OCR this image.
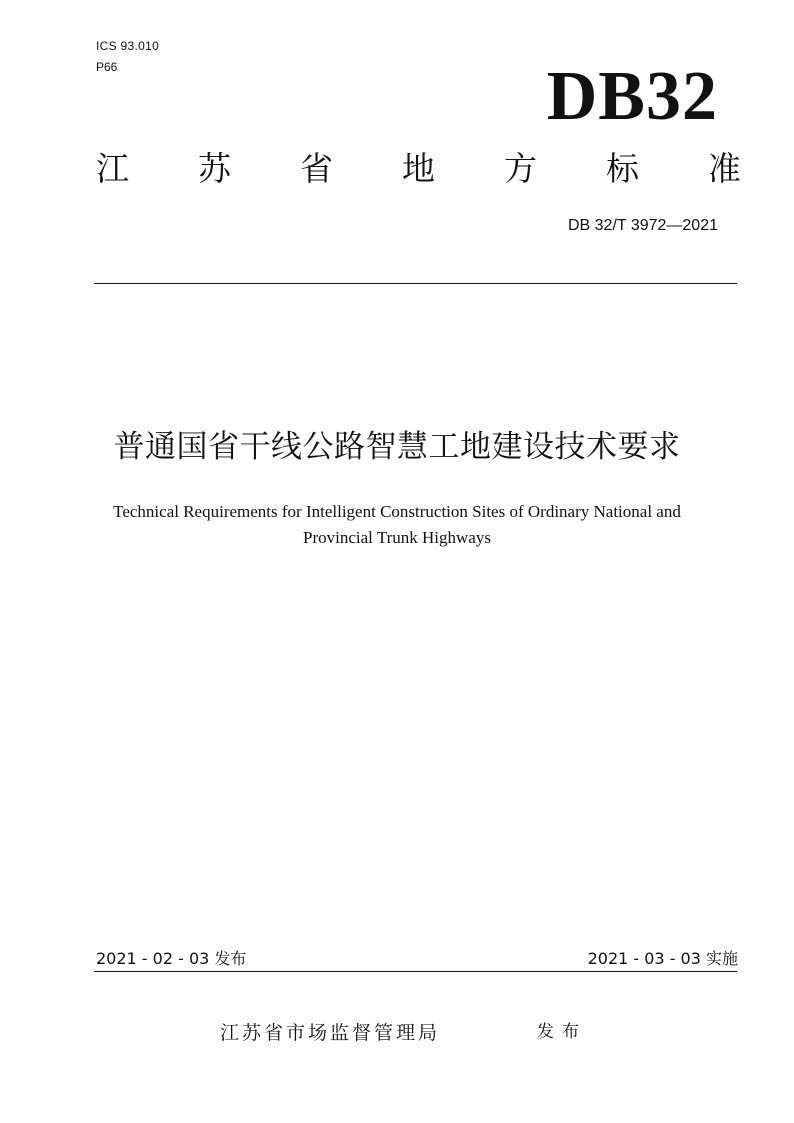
ICS 93.010
P66	DB32
江 苏 省 地 方 标 准
DB 32/T 3972—2021
普通国省干线公路智慧工地建设技术要求
Technical Requirements for Intelligent Construction Sites of Ordinary National and
Provincial Trunk Highways
2021 - 02 - 03 发布	2021 - 03 - 03 实施
江苏省市场监督管理局	发布
